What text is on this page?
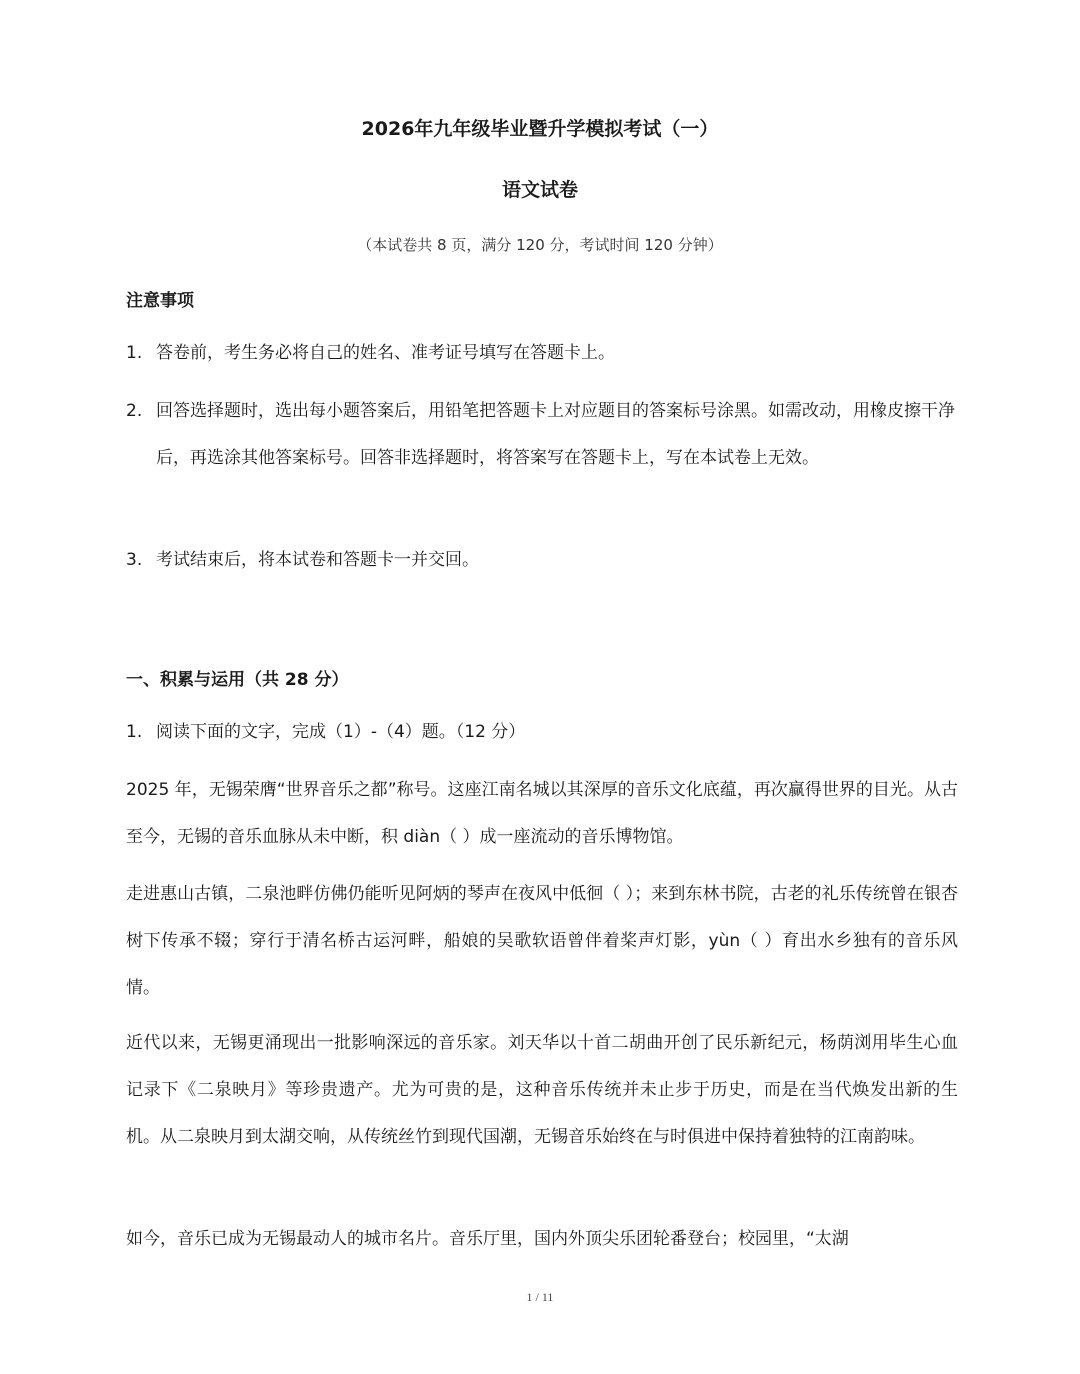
2026年九年级毕业暨升学模拟考试（一）
语文试卷
（本试卷共 8 页，满分 120 分，考试时间 120 分钟）
注意事项
1. 答卷前，考生务必将自己的姓名、准考证号填写在答题卡上。
2. 回答选择题时，选出每小题答案后，用铅笔把答题卡上对应题目的答案标号涂黑。如需改动，用橡皮擦干净后，再选涂其他答案标号。回答非选择题时，将答案写在答题卡上，写在本试卷上无效。
3. 考试结束后，将本试卷和答题卡一并交回。
一、积累与运用（共 28 分）
1. 阅读下面的文字，完成（1）-（4）题。（12 分）
2025 年，无锡荣膺“世界音乐之都”称号。这座江南名城以其深厚的音乐文化底蕴，再次赢得世界的目光。从古至今，无锡的音乐血脉从未中断，积 diàn（ ）成一座流动的音乐博物馆。
走进惠山古镇，二泉池畔仿佛仍能听见阿炳的琴声在夜风中低徊（ ）；来到东林书院，古老的礼乐传统曾在银杏树下传承不辍；穿行于清名桥古运河畔，船娘的吴歌软语曾伴着桨声灯影，yùn（ ）育出水乡独有的音乐风情。
近代以来，无锡更涌现出一批影响深远的音乐家。刘天华以十首二胡曲开创了民乐新纪元，杨荫浏用毕生心血记录下《二泉映月》等珍贵遗产。尤为可贵的是，这种音乐传统并未止步于历史，而是在当代焕发出新的生机。从二泉映月到太湖交响，从传统丝竹到现代国潮，无锡音乐始终在与时俱进中保持着独特的江南韵味。
如今，音乐已成为无锡最动人的城市名片。音乐厅里，国内外顶尖乐团轮番登台；校园里，“太湖
1 / 11
